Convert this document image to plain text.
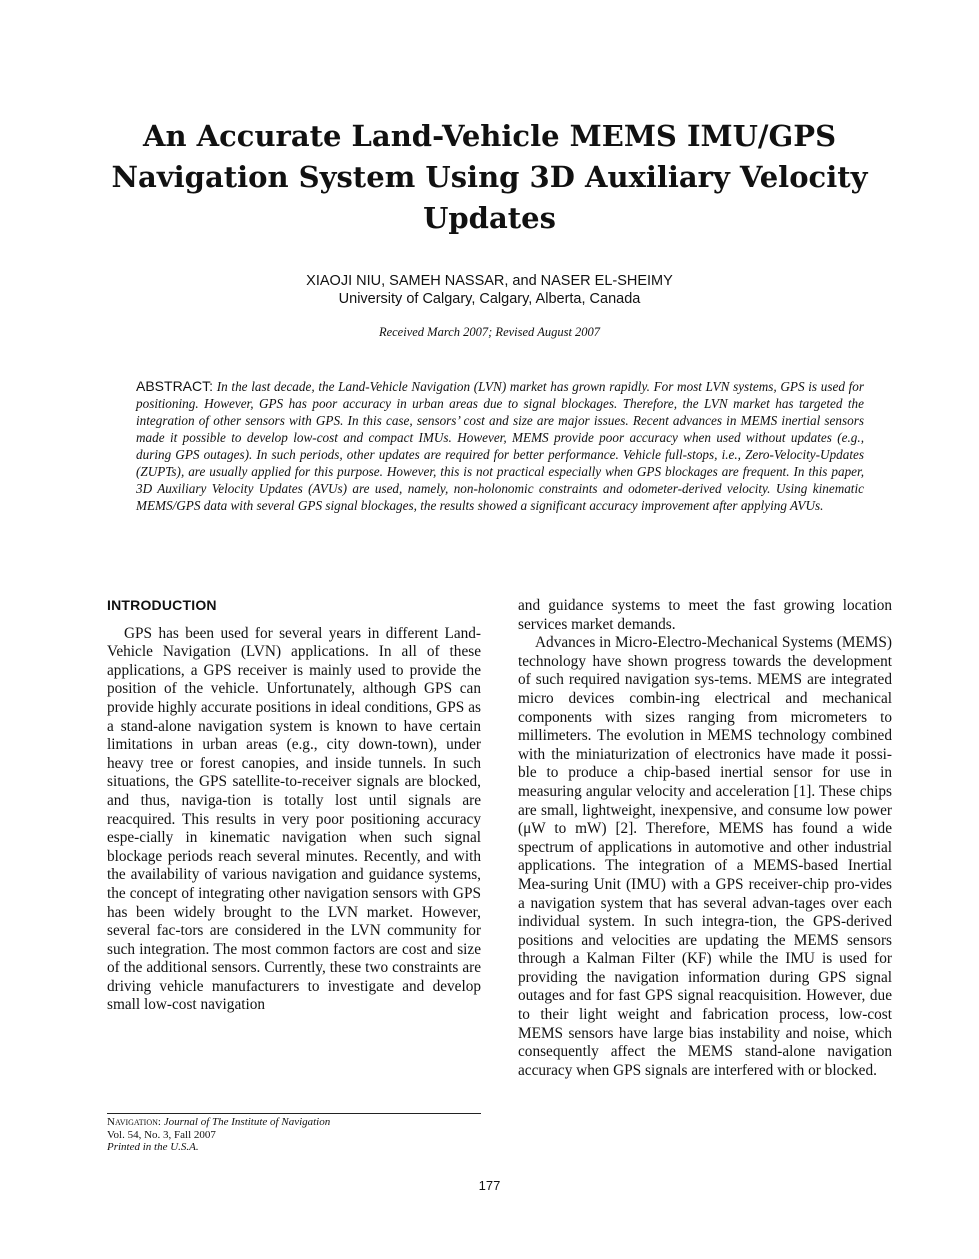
An Accurate Land-Vehicle MEMS IMU/GPS Navigation System Using 3D Auxiliary Velocity Updates
XIAOJI NIU, SAMEH NASSAR, and NASER EL-SHEIMY
University of Calgary, Calgary, Alberta, Canada
Received March 2007; Revised August 2007

ABSTRACT: In the last decade, the Land-Vehicle Navigation (LVN) market has grown rapidly. For most LVN systems, GPS is used for positioning. However, GPS has poor accuracy in urban areas due to signal blockages. Therefore, the LVN market has targeted the integration of other sensors with GPS. In this case, sensors’ cost and size are major issues. Recent advances in MEMS inertial sensors made it possible to develop low-cost and compact IMUs. However, MEMS provide poor accuracy when used without updates (e.g., during GPS outages). In such periods, other updates are required for better performance. Vehicle full-stops, i.e., Zero-Velocity-Updates (ZUPTs), are usually applied for this purpose. However, this is not practical especially when GPS blockages are frequent. In this paper, 3D Auxiliary Velocity Updates (AVUs) are used, namely, non-holonomic constraints and odometer-derived velocity. Using kinematic MEMS/GPS data with several GPS signal blockages, the results showed a significant accuracy improvement after applying AVUs.

INTRODUCTION

GPS has been used for several years in different Land-Vehicle Navigation (LVN) applications. In all of these applications, a GPS receiver is mainly used to provide the position of the vehicle. Unfortunately, although GPS can provide highly accurate positions in ideal conditions, GPS as a stand-alone navigation system is known to have certain limitations in urban areas (e.g., city down-town), under heavy tree or forest canopies, and inside tunnels. In such situations, the GPS satellite-to-receiver signals are blocked, and thus, naviga-tion is totally lost until signals are reacquired. This results in very poor positioning accuracy espe-cially in kinematic navigation when such signal blockage periods reach several minutes. Recently, and with the availability of various navigation and guidance systems, the concept of integrating other navigation sensors with GPS has been widely brought to the LVN market. However, several fac-tors are considered in the LVN community for such integration. The most common factors are cost and size of the additional sensors. Currently, these two constraints are driving vehicle manufacturers to investigate and develop small low-cost navigation

and guidance systems to meet the fast growing location services market demands.

Advances in Micro-Electro-Mechanical Systems (MEMS) technology have shown progress towards the development of such required navigation sys-tems. MEMS are integrated micro devices combin-ing electrical and mechanical components with sizes ranging from micrometers to millimeters. The evolution in MEMS technology combined with the miniaturization of electronics have made it possi-ble to produce a chip-based inertial sensor for use in measuring angular velocity and acceleration [1]. These chips are small, lightweight, inexpensive, and consume low power (μW to mW) [2]. Therefore, MEMS has found a wide spectrum of applications in automotive and other industrial applications. The integration of a MEMS-based Inertial Mea-suring Unit (IMU) with a GPS receiver-chip pro-vides a navigation system that has several advan-tages over each individual system. In such integra-tion, the GPS-derived positions and velocities are updating the MEMS sensors through a Kalman Filter (KF) while the IMU is used for providing the navigation information during GPS signal outages and for fast GPS signal reacquisition. However, due to their light weight and fabrication process, low-cost MEMS sensors have large bias instability and noise, which consequently affect the MEMS stand-alone navigation accuracy when GPS signals are interfered with or blocked.

Navigation: Journal of The Institute of Navigation
Vol. 54, No. 3, Fall 2007
Printed in the U.S.A.
177
